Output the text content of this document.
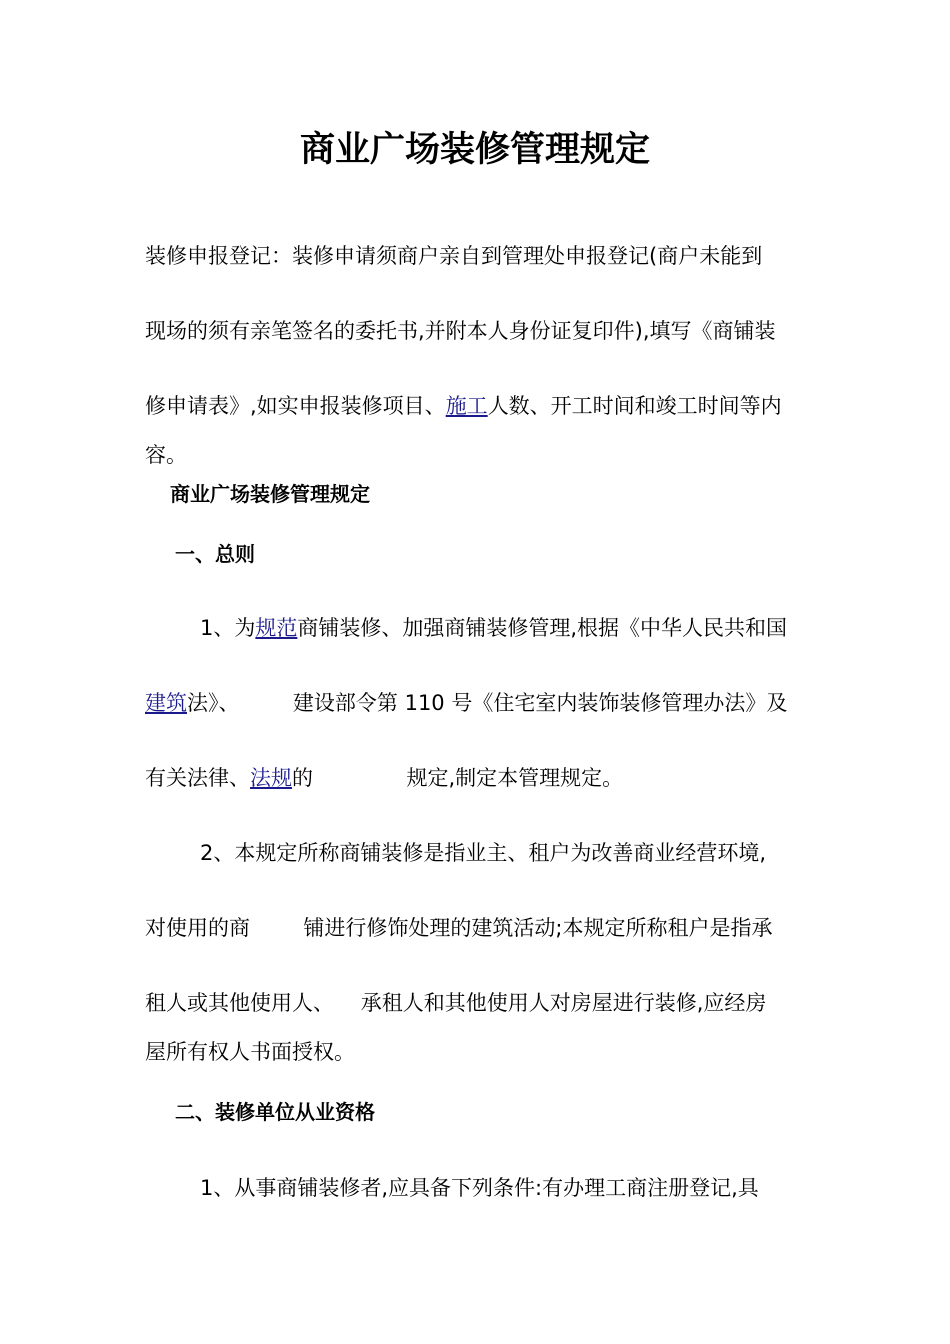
商业广场装修管理规定
装修申报登记：装修申请须商户亲自到管理处申报登记(商户未能到
现场的须有亲笔签名的委托书,并附本人身份证复印件),填写《商铺装
修申请表》,如实申报装修项目、施工人数、开工时间和竣工时间等内
容。
商业广场装修管理规定
一、总则
1、为规范商铺装修、加强商铺装修管理,根据《中华人民共和国
建筑法》、        建设部令第 110 号《住宅室内装饰装修管理办法》及
有关法律、法规的              规定,制定本管理规定。
2、本规定所称商铺装修是指业主、租户为改善商业经营环境,
对使用的商        铺进行修饰处理的建筑活动;本规定所称租户是指承
租人或其他使用人、    承租人和其他使用人对房屋进行装修,应经房
屋所有权人书面授权。
二、装修单位从业资格
1、从事商铺装修者,应具备下列条件:有办理工商注册登记,具
